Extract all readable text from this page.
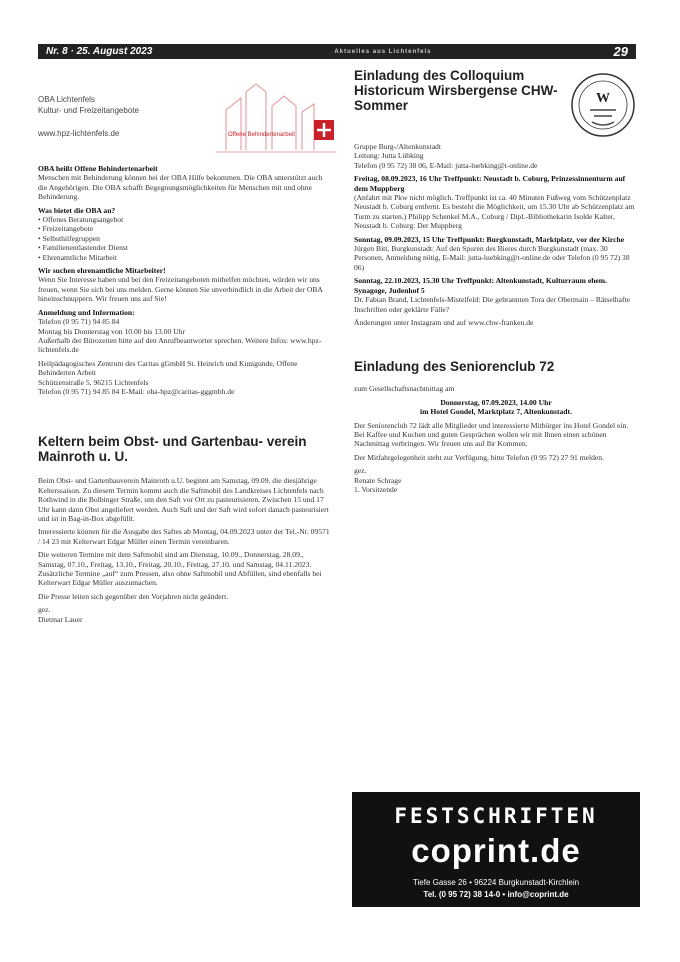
Nr. 8 · 25. August 2023	Aktuelles aus Lichtenfels	29
OBA Lichtenfels
Kultur- und Freizeitangebote
www.hpz-lichtenfels.de	Offene Behindertenarbeit

OBA heißt Offene Behindertenarbeit
Menschen mit Behinderung können bei der OBA Hilfe bekommen. Die OBA unterstützt auch die Angehörigen. Die OBA schafft Begegnungsmöglichkeiten für Menschen mit und ohne Behinderung.

Was bietet die OBA an?
• Offenes Beratungsangebot
• Freizeitangebote
• Selbsthilfegruppen
• Familienentlastender Dienst
• Ehrenamtliche Mitarbeit

Wir suchen ehrenamtliche Mitarbeiter!
Wenn Sie Interesse haben und bei den Freizeitangeboten mithelfen möchten, würden wir uns freuen, wenn Sie sich bei uns melden. Gerne können Sie unverbindlich in die Arbeit der OBA hineinschnuppern. Wir freuen uns auf Sie!

Anmeldung und Information:
Telefon (0 95 71) 94 85 84
Montag bis Donnerstag von 10.00 bis 13.00 Uhr
Außerhalb der Bürozeiten bitte auf den Anrufbeantworter sprechen. Weitere Infos: www.hpz-lichtenfels.de

Heilpädagogisches Zentrum des Caritas gGmbH St. Heinrich und Kunigunde, Offene Behinderten Arbeit
Schützenstraße 5, 96215 Lichtenfels
Telefon (0 95 71) 94 85 84 E-Mail: oba-hpz@caritas-gggmbh.de

Keltern beim Obst- und Gartenbau- verein Mainroth u. U.

Beim Obst- und Gartenbauverein Mainroth u.U. beginnt am Samstag, 09.09. die diesjährige Kelterssaison. Zu diesem Termin kommt auch die Saftmobil des Landkreises Lichtenfels nach Rothwind in die Bolbinger Straße, um den Saft vor Ort zu pasteurisieren. Zwischen 15 und 17 Uhr kann dann Obst angeliefert werden. Auch Saft und der Saft wird sofort danach pasteurisiert und ist in Bag-in-Box abgefüllt.

Interessierte können für die Ausgabe des Saftes ab Montag, 04.09.2023 unter der Tel.-Nr. 09571 / 14 23 mit Kelterwart Edgar Müller einen Termin vereinbaren.

Die weiteren Termine mit dem Saftmobil sind am Dienstag, 10.09., Donnerstag, 28.09., Samstag, 07.10., Freitag, 13.10., Freitag, 20.10., Freitag, 27.10. und Samstag, 04.11.2023. Zusätzliche Termine „auf“ zum Pressen, also ohne Saftmobil und Abfüllen, sind ebenfalls bei Kelterwart Edgar Müller auszumachen.

Die Presse leiten sich gegenüber den Vorjahren nicht geändert.

gez.

Dietmar Lauer

Einladung des Colloquium Historicum Wirsbergense CHW-Sommer	W

Gruppe Burg-/Altenkunstadt
Leitung: Jutta Lübking
Telefon (0 95 72) 38 06, E-Mail: jutta-luebking@t-online.de

Freitag, 08.09.2023, 16 Uhr Treffpunkt: Neustadt b. Coburg, Prinzessinnenturm auf dem Muppberg
(Anfahrt mit Pkw nicht möglich. Treffpunkt ist ca. 40 Minuten Fußweg vom Schützenplatz Neustadt b. Coburg entfernt. Es besteht die Möglichkeit, um 15.30 Uhr ab Schützenplatz am Turm zu starten.) Philipp Schenkel M.A., Coburg / Dipl.-Bibliothekarin Isolde Kalter, Neustadt b. Coburg: Der Muppberg

Sonntag, 09.09.2023, 15 Uhr Treffpunkt: Burgkunstadt, Marktplatz, vor der Kirche
Jürgen Bitt, Burgkunstadt: Auf den Spuren des Bieres durch Burgkunstadt (max. 30 Personen, Anmeldung nötig, E-Mail: jutta-luebking@t-online.de oder Telefon (0 95 72) 38 06)

Sonntag, 22.10.2023, 15.30 Uhr Treffpunkt: Altenkunstadt, Kulturraum ehem. Synagoge, Judenhof 5
Dr. Fabian Brand, Lichtenfels-Mistelfeld: Die gebrannten Tora der Obermain – Rätselhafte Inschriften oder geklärte Fälle?

Änderungen unter Instagram und auf www.chw-franken.de

Einladung des Seniorenclub 72

zum Gesellschaftsnachmittag am

Donnerstag, 07.09.2023, 14.00 Uhr
im Hotel Gondel, Marktplatz 7, Altenkunstadt.

Der Seniorenclub 72 lädt alle Mitglieder und interessierte Mitbürger ins Hotel Gondel ein. Bei Kaffee und Kuchen und guten Gesprächen wollen wir mit Ihnen einen schönen Nachmittag verbringen. Wir freuen uns auf Ihr Kommen.

Der Mitfahrgelegenheit steht zur Verfügung, bitte Telefon (0 95 72) 27 91 melden.

gez.

Renate Schrage
1. Vorsitzende
FESTSCHRIFTEN
coprint.de
Tiefe Gasse 26 • 96224 Burgkunstadt-Kirchlein
Tel. (0 95 72) 38 14-0 • info@coprint.de
